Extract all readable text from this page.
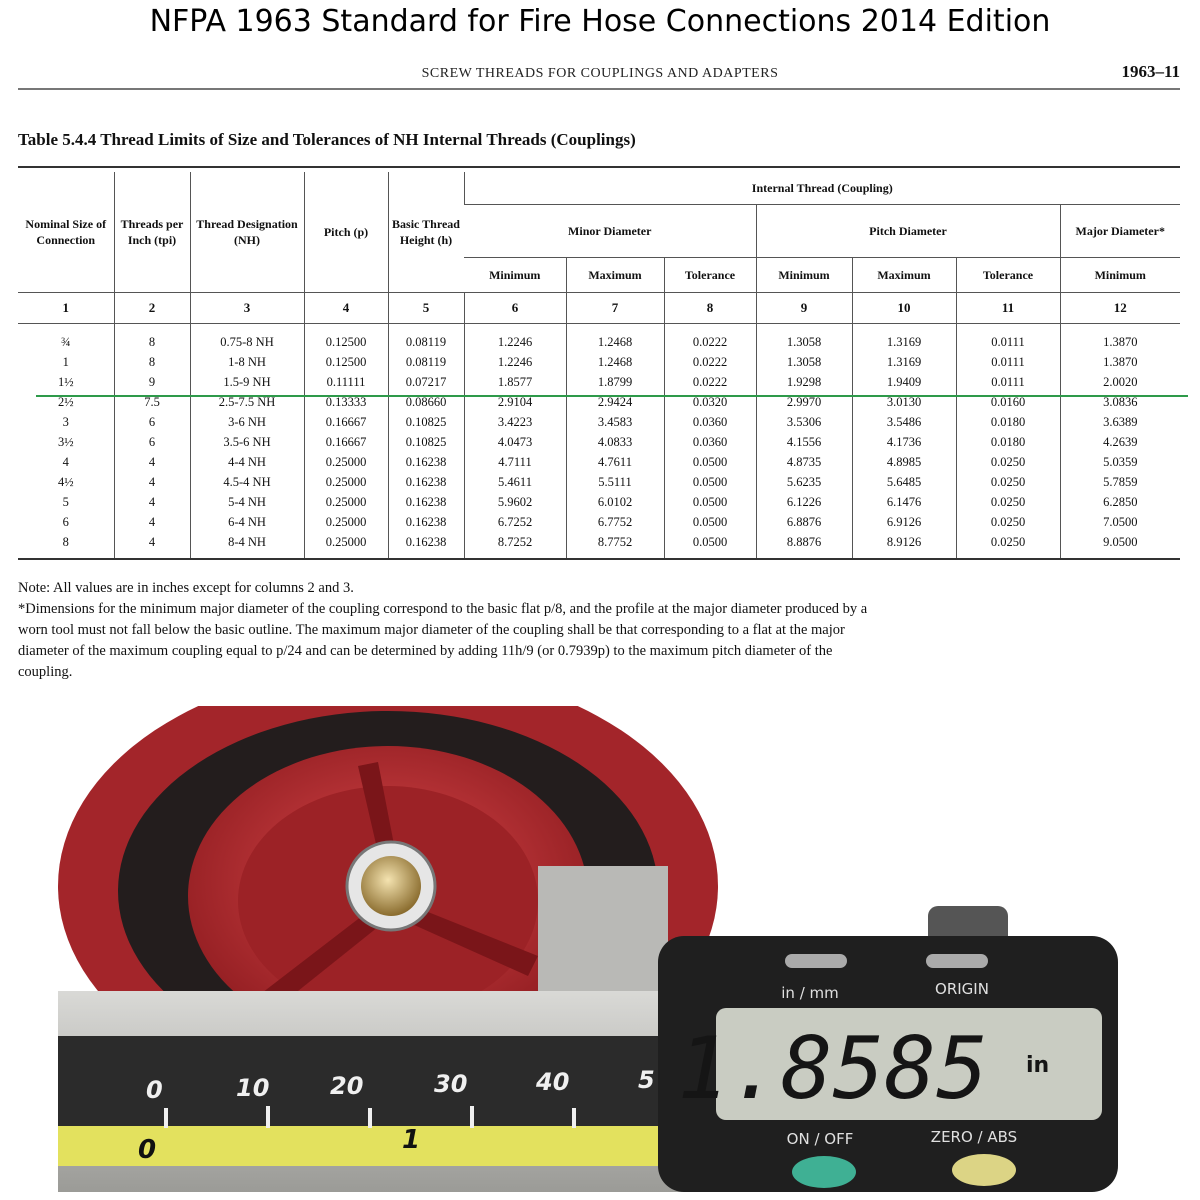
NFPA 1963 Standard for Fire Hose Connections 2014 Edition
SCREW THREADS FOR COUPLINGS AND ADAPTERS	1963–11
Table 5.4.4 Thread Limits of Size and Tolerances of NH Internal Threads (Couplings)
Nominal Size of Connection	Threads per Inch (tpi)	Thread Designation (NH)	Pitch (p)	Basic Thread Height (h)	Internal Thread (Coupling)						
					Minor Diameter			Pitch Diameter			Major Diameter*
					Minimum	Maximum	Tolerance	Minimum	Maximum	Tolerance	Minimum
1	2	3	4	5	6	7	8	9	10	11	12
¾	8	0.75-8 NH	0.12500	0.08119	1.2246	1.2468	0.0222	1.3058	1.3169	0.0111	1.3870
1	8	1-8 NH	0.12500	0.08119	1.2246	1.2468	0.0222	1.3058	1.3169	0.0111	1.3870
1½	9	1.5-9 NH	0.11111	0.07217	1.8577	1.8799	0.0222	1.9298	1.9409	0.0111	2.0020
2½	7.5	2.5-7.5 NH	0.13333	0.08660	2.9104	2.9424	0.0320	2.9970	3.0130	0.0160	3.0836
3	6	3-6 NH	0.16667	0.10825	3.4223	3.4583	0.0360	3.5306	3.5486	0.0180	3.6389
3½	6	3.5-6 NH	0.16667	0.10825	4.0473	4.0833	0.0360	4.1556	4.1736	0.0180	4.2639
4	4	4-4 NH	0.25000	0.16238	4.7111	4.7611	0.0500	4.8735	4.8985	0.0250	5.0359
4½	4	4.5-4 NH	0.25000	0.16238	5.4611	5.5111	0.0500	5.6235	5.6485	0.0250	5.7859
5	4	5-4 NH	0.25000	0.16238	5.9602	6.0102	0.0500	6.1226	6.1476	0.0250	6.2850
6	4	6-4 NH	0.25000	0.16238	6.7252	6.7752	0.0500	6.8876	6.9126	0.0250	7.0500
8	4	8-4 NH	0.25000	0.16238	8.7252	8.7752	0.0500	8.8876	8.9126	0.0250	9.0500

Note: All values are in inches except for columns 2 and 3.

*Dimensions for the minimum major diameter of the coupling correspond to the basic flat p/8, and the profile at the major diameter produced by a worn tool must not fall below the basic outline. The maximum major diameter of the coupling shall be that corresponding to a flat at the major diameter of the maximum coupling equal to p/24 and can be determined by adding 11h/9 (or 0.7939p) to the maximum pitch diameter of the coupling.

0	10	20	30	40	5
0	1
in / mm	ORIGIN
1.8585 in
ON / OFF	ZERO / ABS
